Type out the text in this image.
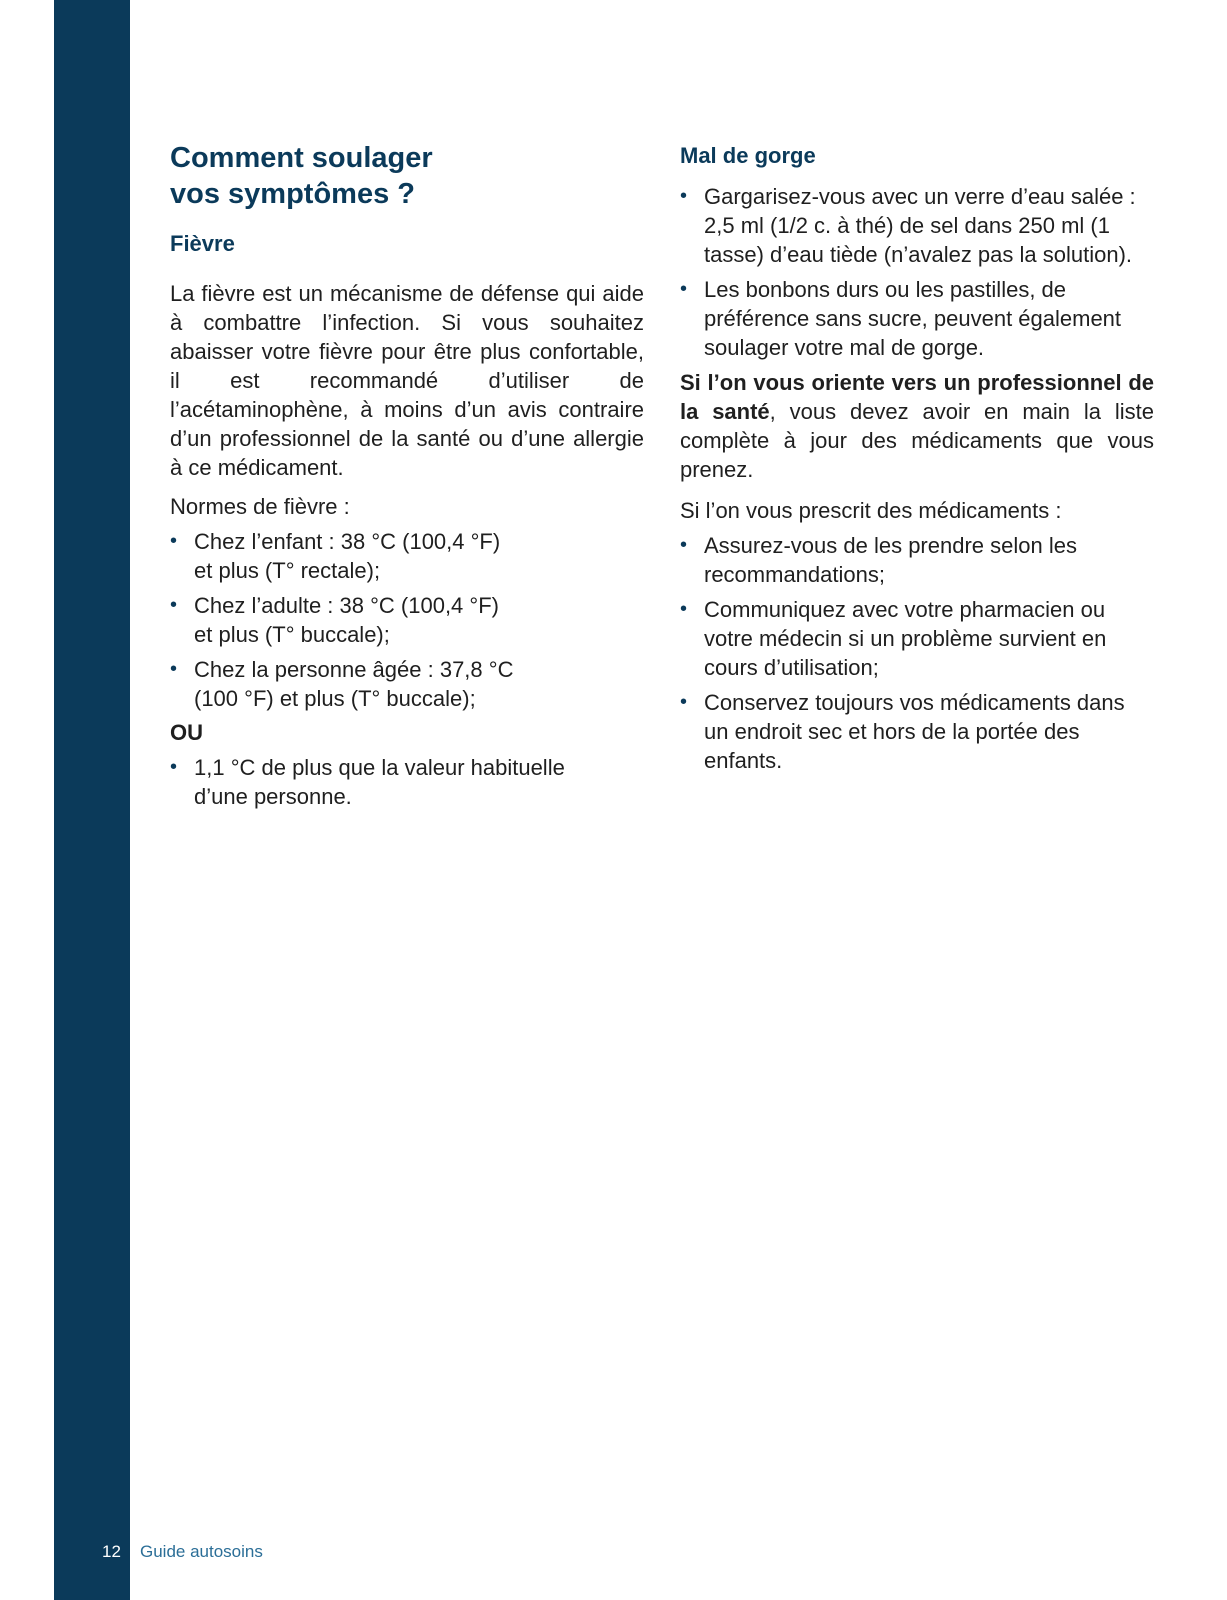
Comment soulager
vos symptômes ?
Fièvre

La fièvre est un mécanisme de défense qui aide à combattre l’infection. Si vous souhaitez abaisser votre fièvre pour être plus confortable, il est recommandé d’utiliser de l’acétaminophène, à moins d’un avis contraire d’un professionnel de la santé ou d’une allergie à ce médicament.

Normes de fièvre :

• Chez l’enfant : 38 °C (100,4 °F)
et plus (T° rectale);
• Chez l’adulte : 38 °C (100,4 °F)
et plus (T° buccale);
• Chez la personne âgée : 37,8 °C
(100 °F) et plus (T° buccale);

OU

• 1,1 °C de plus que la valeur habituelle
d’une personne.
Mal de gorge
• Gargarisez-vous avec un verre d’eau salée : 2,5 ml (1/2 c. à thé) de sel dans 250 ml (1 tasse) d’eau tiède (n’avalez pas la solution).
• Les bonbons durs ou les pastilles, de préférence sans sucre, peuvent également soulager votre mal de gorge.

Si l’on vous oriente vers un professionnel de la santé, vous devez avoir en main la liste complète à jour des médicaments que vous prenez.

Si l’on vous prescrit des médicaments :

• Assurez-vous de les prendre selon les recommandations;
• Communiquez avec votre pharmacien ou votre médecin si un problème survient en cours d’utilisation;
• Conservez toujours vos médicaments dans un endroit sec et hors de la portée des enfants.
12 Guide autosoins
